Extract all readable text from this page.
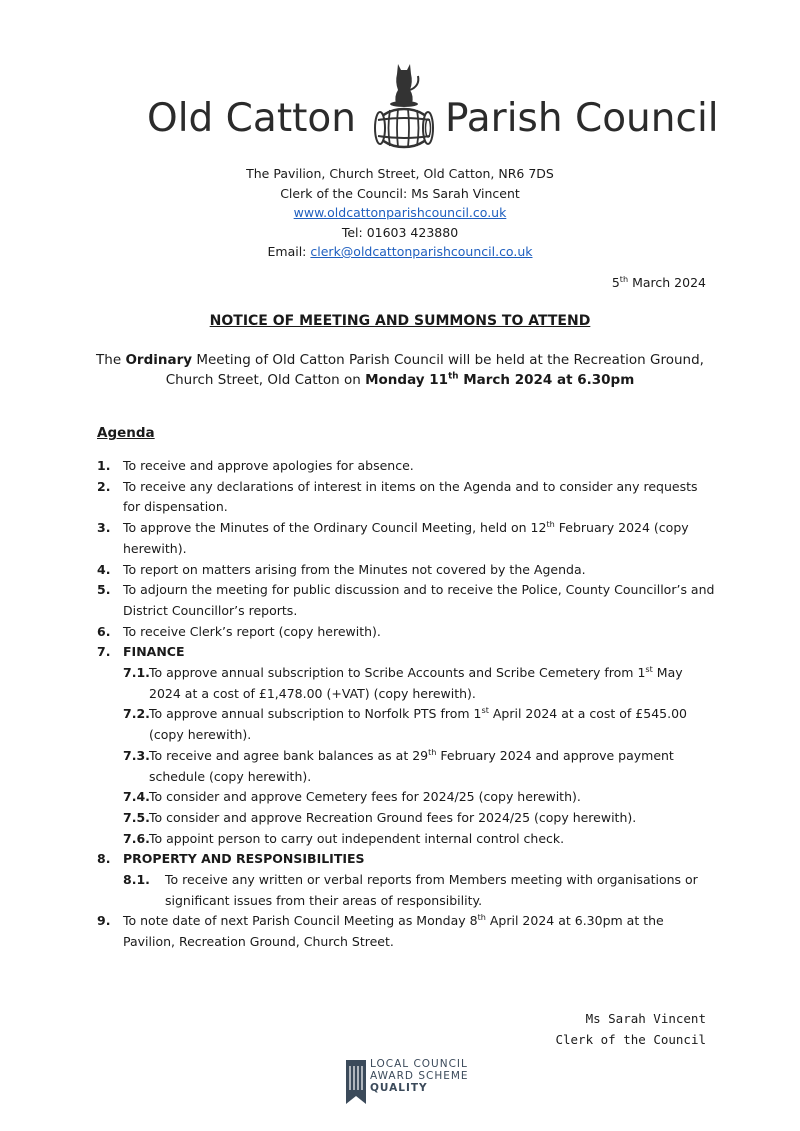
Old Catton Parish Council
The Pavilion, Church Street, Old Catton, NR6 7DS
Clerk of the Council: Ms Sarah Vincent
www.oldcattonparishcouncil.co.uk
Tel: 01603 423880
Email: clerk@oldcattonparishcouncil.co.uk
5th March 2024
NOTICE OF MEETING AND SUMMONS TO ATTEND
The Ordinary Meeting of Old Catton Parish Council will be held at the Recreation Ground,
Church Street, Old Catton on Monday 11th March 2024 at 6.30pm
Agenda
1. To receive and approve apologies for absence.
2. To receive any declarations of interest in items on the Agenda and to consider any requests for dispensation.
3. To approve the Minutes of the Ordinary Council Meeting, held on 12th February 2024 (copy herewith).
4. To report on matters arising from the Minutes not covered by the Agenda.
5. To adjourn the meeting for public discussion and to receive the Police, County Councillor’s and District Councillor’s reports.
6. To receive Clerk’s report (copy herewith).
7. FINANCE
7.1. To approve annual subscription to Scribe Accounts and Scribe Cemetery from 1st May 2024 at a cost of £1,478.00 (+VAT) (copy herewith).
7.2. To approve annual subscription to Norfolk PTS from 1st April 2024 at a cost of £545.00 (copy herewith).
7.3. To receive and agree bank balances as at 29th February 2024 and approve payment schedule (copy herewith).
7.4. To consider and approve Cemetery fees for 2024/25 (copy herewith).
7.5. To consider and approve Recreation Ground fees for 2024/25 (copy herewith).
7.6. To appoint person to carry out independent internal control check.
8. PROPERTY AND RESPONSIBILITIES
8.1. To receive any written or verbal reports from Members meeting with organisations or significant issues from their areas of responsibility.
9. To note date of next Parish Council Meeting as Monday 8th April 2024 at 6.30pm at the Pavilion, Recreation Ground, Church Street.
Ms Sarah Vincent
Clerk of the Council
LOCAL COUNCIL
AWARD SCHEME
QUALITY
